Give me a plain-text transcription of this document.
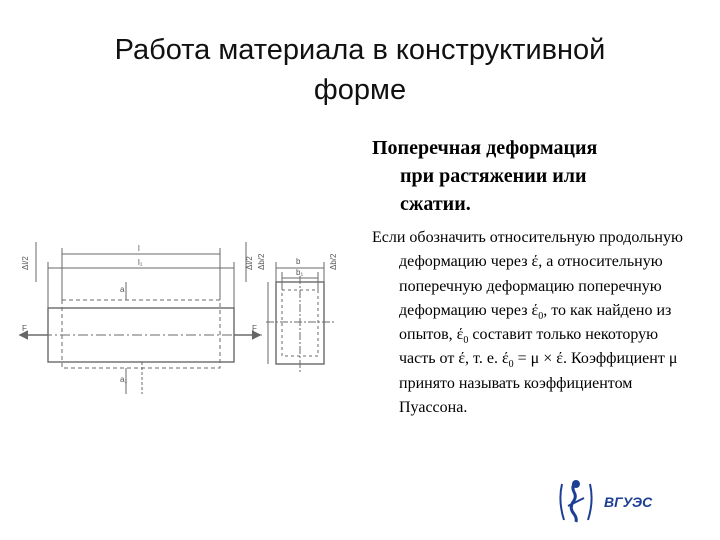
Работа материала в конструктивной
форме
l
l₁
Δl/2	Δl/2
a
a₁
F	F
b
b₁
Δb/2	Δb/2

Поперечная деформация
при растяжении или
сжатии.

Если обозначить относительную продольную деформацию через έ, а относительную поперечную деформацию поперечную деформацию через $έ_0$, то как найдено из опытов, $έ_0$ составит только некоторую часть от έ, т. е. $έ_0 = \mu \times έ$. Коэффициент μ принято называть коэффициентом Пуассона.

ВГУЭС
